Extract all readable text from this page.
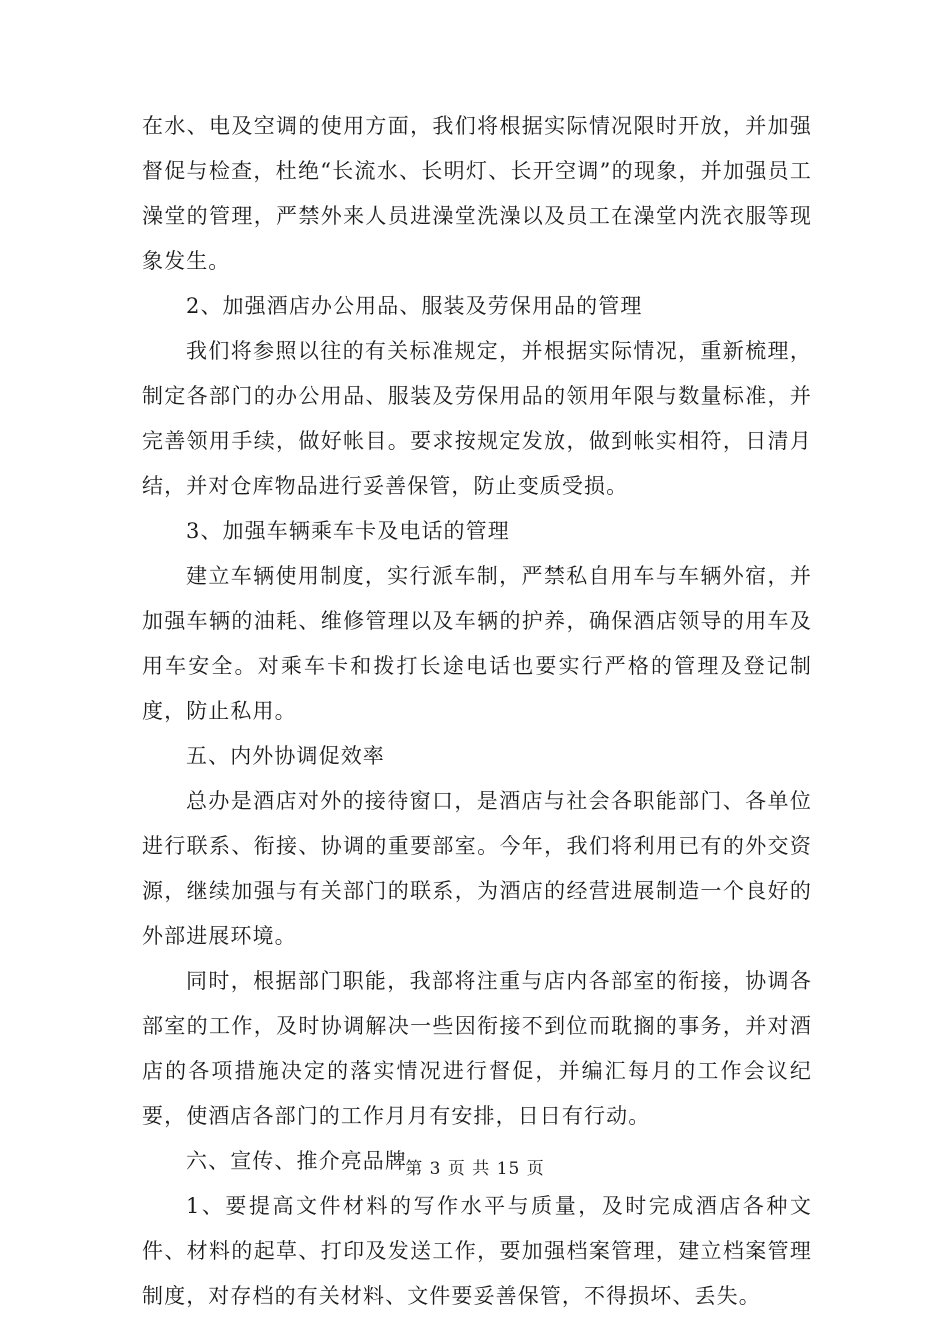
在水、电及空调的使用方面，我们将根据实际情况限时开放，并加强督促与检查，杜绝“长流水、长明灯、长开空调”的现象，并加强员工澡堂的管理，严禁外来人员进澡堂洗澡以及员工在澡堂内洗衣服等现象发生。

2、加强酒店办公用品、服装及劳保用品的管理

我们将参照以往的有关标准规定，并根据实际情况，重新梳理，制定各部门的办公用品、服装及劳保用品的领用年限与数量标准，并完善领用手续，做好帐目。要求按规定发放，做到帐实相符，日清月结，并对仓库物品进行妥善保管，防止变质受损。

3、加强车辆乘车卡及电话的管理

建立车辆使用制度，实行派车制，严禁私自用车与车辆外宿，并加强车辆的油耗、维修管理以及车辆的护养，确保酒店领导的用车及用车安全。对乘车卡和拨打长途电话也要实行严格的管理及登记制度，防止私用。

五、内外协调促效率

总办是酒店对外的接待窗口，是酒店与社会各职能部门、各单位进行联系、衔接、协调的重要部室。今年，我们将利用已有的外交资源，继续加强与有关部门的联系，为酒店的经营进展制造一个良好的外部进展环境。

同时，根据部门职能，我部将注重与店内各部室的衔接，协调各部室的工作，及时协调解决一些因衔接不到位而耽搁的事务，并对酒店的各项措施决定的落实情况进行督促，并编汇每月的工作会议纪要，使酒店各部门的工作月月有安排，日日有行动。

六、宣传、推介亮品牌

1、要提高文件材料的写作水平与质量，及时完成酒店各种文件、材料的起草、打印及发送工作，要加强档案管理，建立档案管理制度，对存档的有关材料、文件要妥善保管，不得损坏、丢失。

第 3 页 共 15 页
